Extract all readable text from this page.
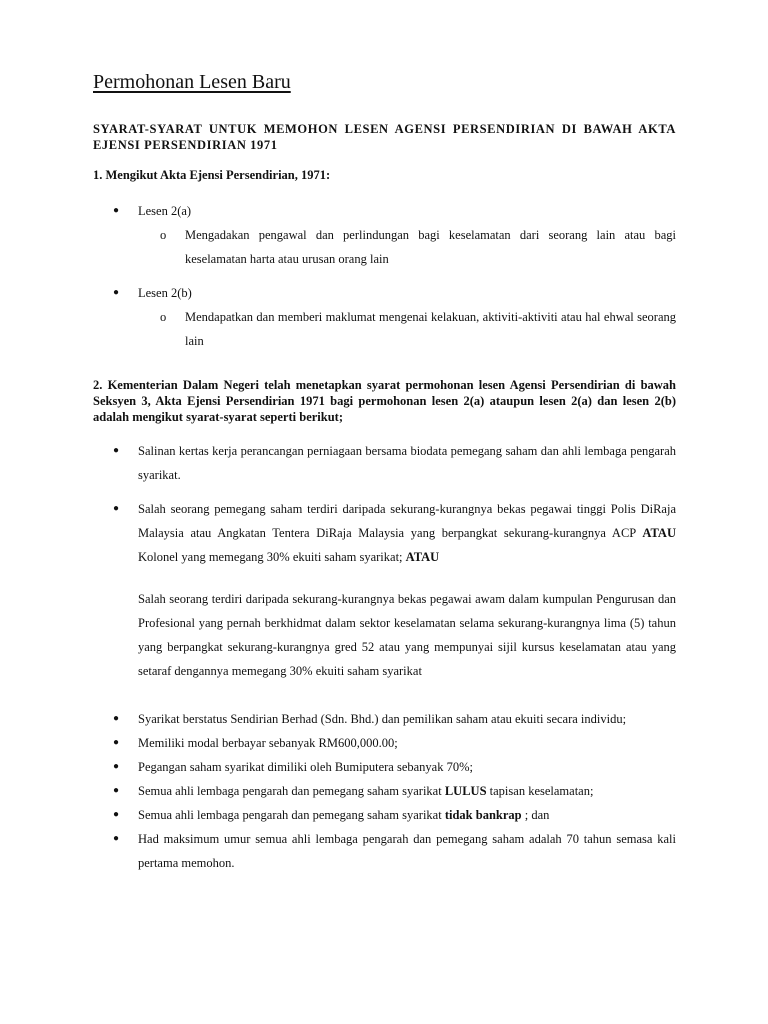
Permohonan Lesen Baru

SYARAT-SYARAT UNTUK MEMOHON LESEN AGENSI PERSENDIRIAN DI BAWAH AKTA EJENSI PERSENDIRIAN 1971

1. Mengikut Akta Ejensi Persendirian, 1971:

●	Lesen 2(a)
o	Mengadakan pengawal dan perlindungan bagi keselamatan dari seorang lain atau bagi keselamatan harta atau urusan orang lain
●	Lesen 2(b)
o	Mendapatkan dan memberi maklumat mengenai kelakuan, aktiviti-aktiviti atau hal ehwal seorang lain

2. Kementerian Dalam Negeri telah menetapkan syarat permohonan lesen Agensi Persendirian di bawah Seksyen 3, Akta Ejensi Persendirian 1971 bagi permohonan lesen 2(a) ataupun lesen 2(a) dan lesen 2(b) adalah mengikut syarat-syarat seperti berikut;

●	Salinan kertas kerja perancangan perniagaan bersama biodata pemegang saham dan ahli lembaga pengarah syarikat.
●	Salah seorang pemegang saham terdiri daripada sekurang-kurangnya bekas pegawai tinggi Polis DiRaja Malaysia atau Angkatan Tentera DiRaja Malaysia yang berpangkat sekurang-kurangnya ACP ATAU Kolonel yang memegang 30% ekuiti saham syarikat; ATAU
Salah seorang terdiri daripada sekurang-kurangnya bekas pegawai awam dalam kumpulan Pengurusan dan Profesional yang pernah berkhidmat dalam sektor keselamatan selama sekurang-kurangnya lima (5) tahun yang berpangkat sekurang-kurangnya gred 52 atau yang mempunyai sijil kursus keselamatan atau yang setaraf dengannya memegang 30% ekuiti saham syarikat
●	Syarikat berstatus Sendirian Berhad (Sdn. Bhd.) dan pemilikan saham atau ekuiti secara individu;
●	Memiliki modal berbayar sebanyak RM600,000.00;
●	Pegangan saham syarikat dimiliki oleh Bumiputera sebanyak 70%;
●	Semua ahli lembaga pengarah dan pemegang saham syarikat LULUS tapisan keselamatan;
●	Semua ahli lembaga pengarah dan pemegang saham syarikat tidak bankrap ; dan
●	Had maksimum umur semua ahli lembaga pengarah dan pemegang saham adalah 70 tahun semasa kali pertama memohon.
